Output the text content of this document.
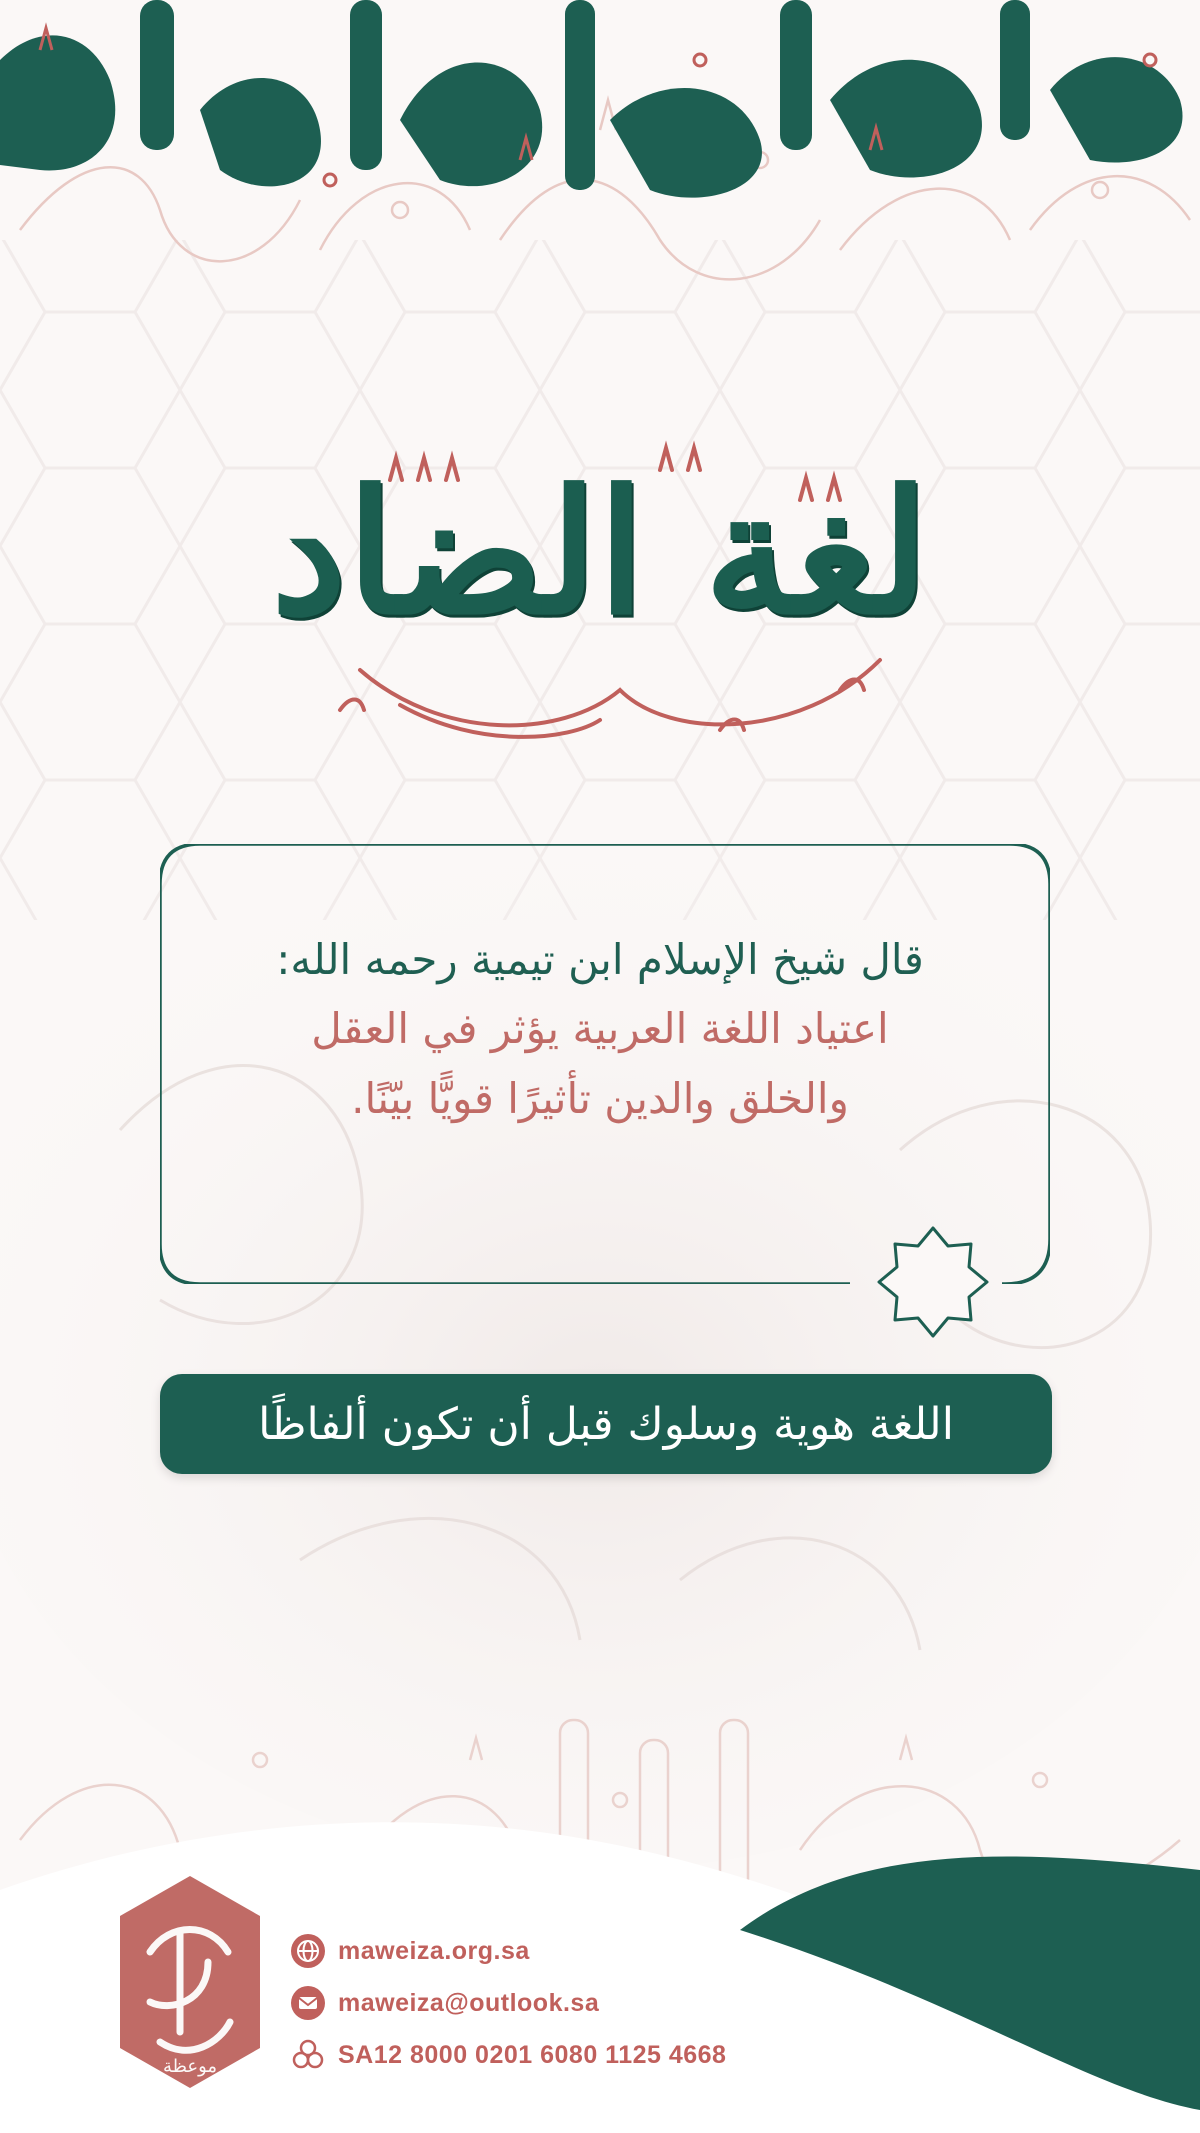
لغة الضاد
قال شيخ الإسلام ابن تيمية رحمه الله:
اعتياد اللغة العربية يؤثر في العقل
والخلق والدين تأثيرًا قويًّا بيّنًا.
اللغة هوية وسلوك قبل أن تكون ألفاظًا
موعظة
maweiza.org.sa
maweiza@outlook.sa
SA12 8000 0201 6080 1125 4668
